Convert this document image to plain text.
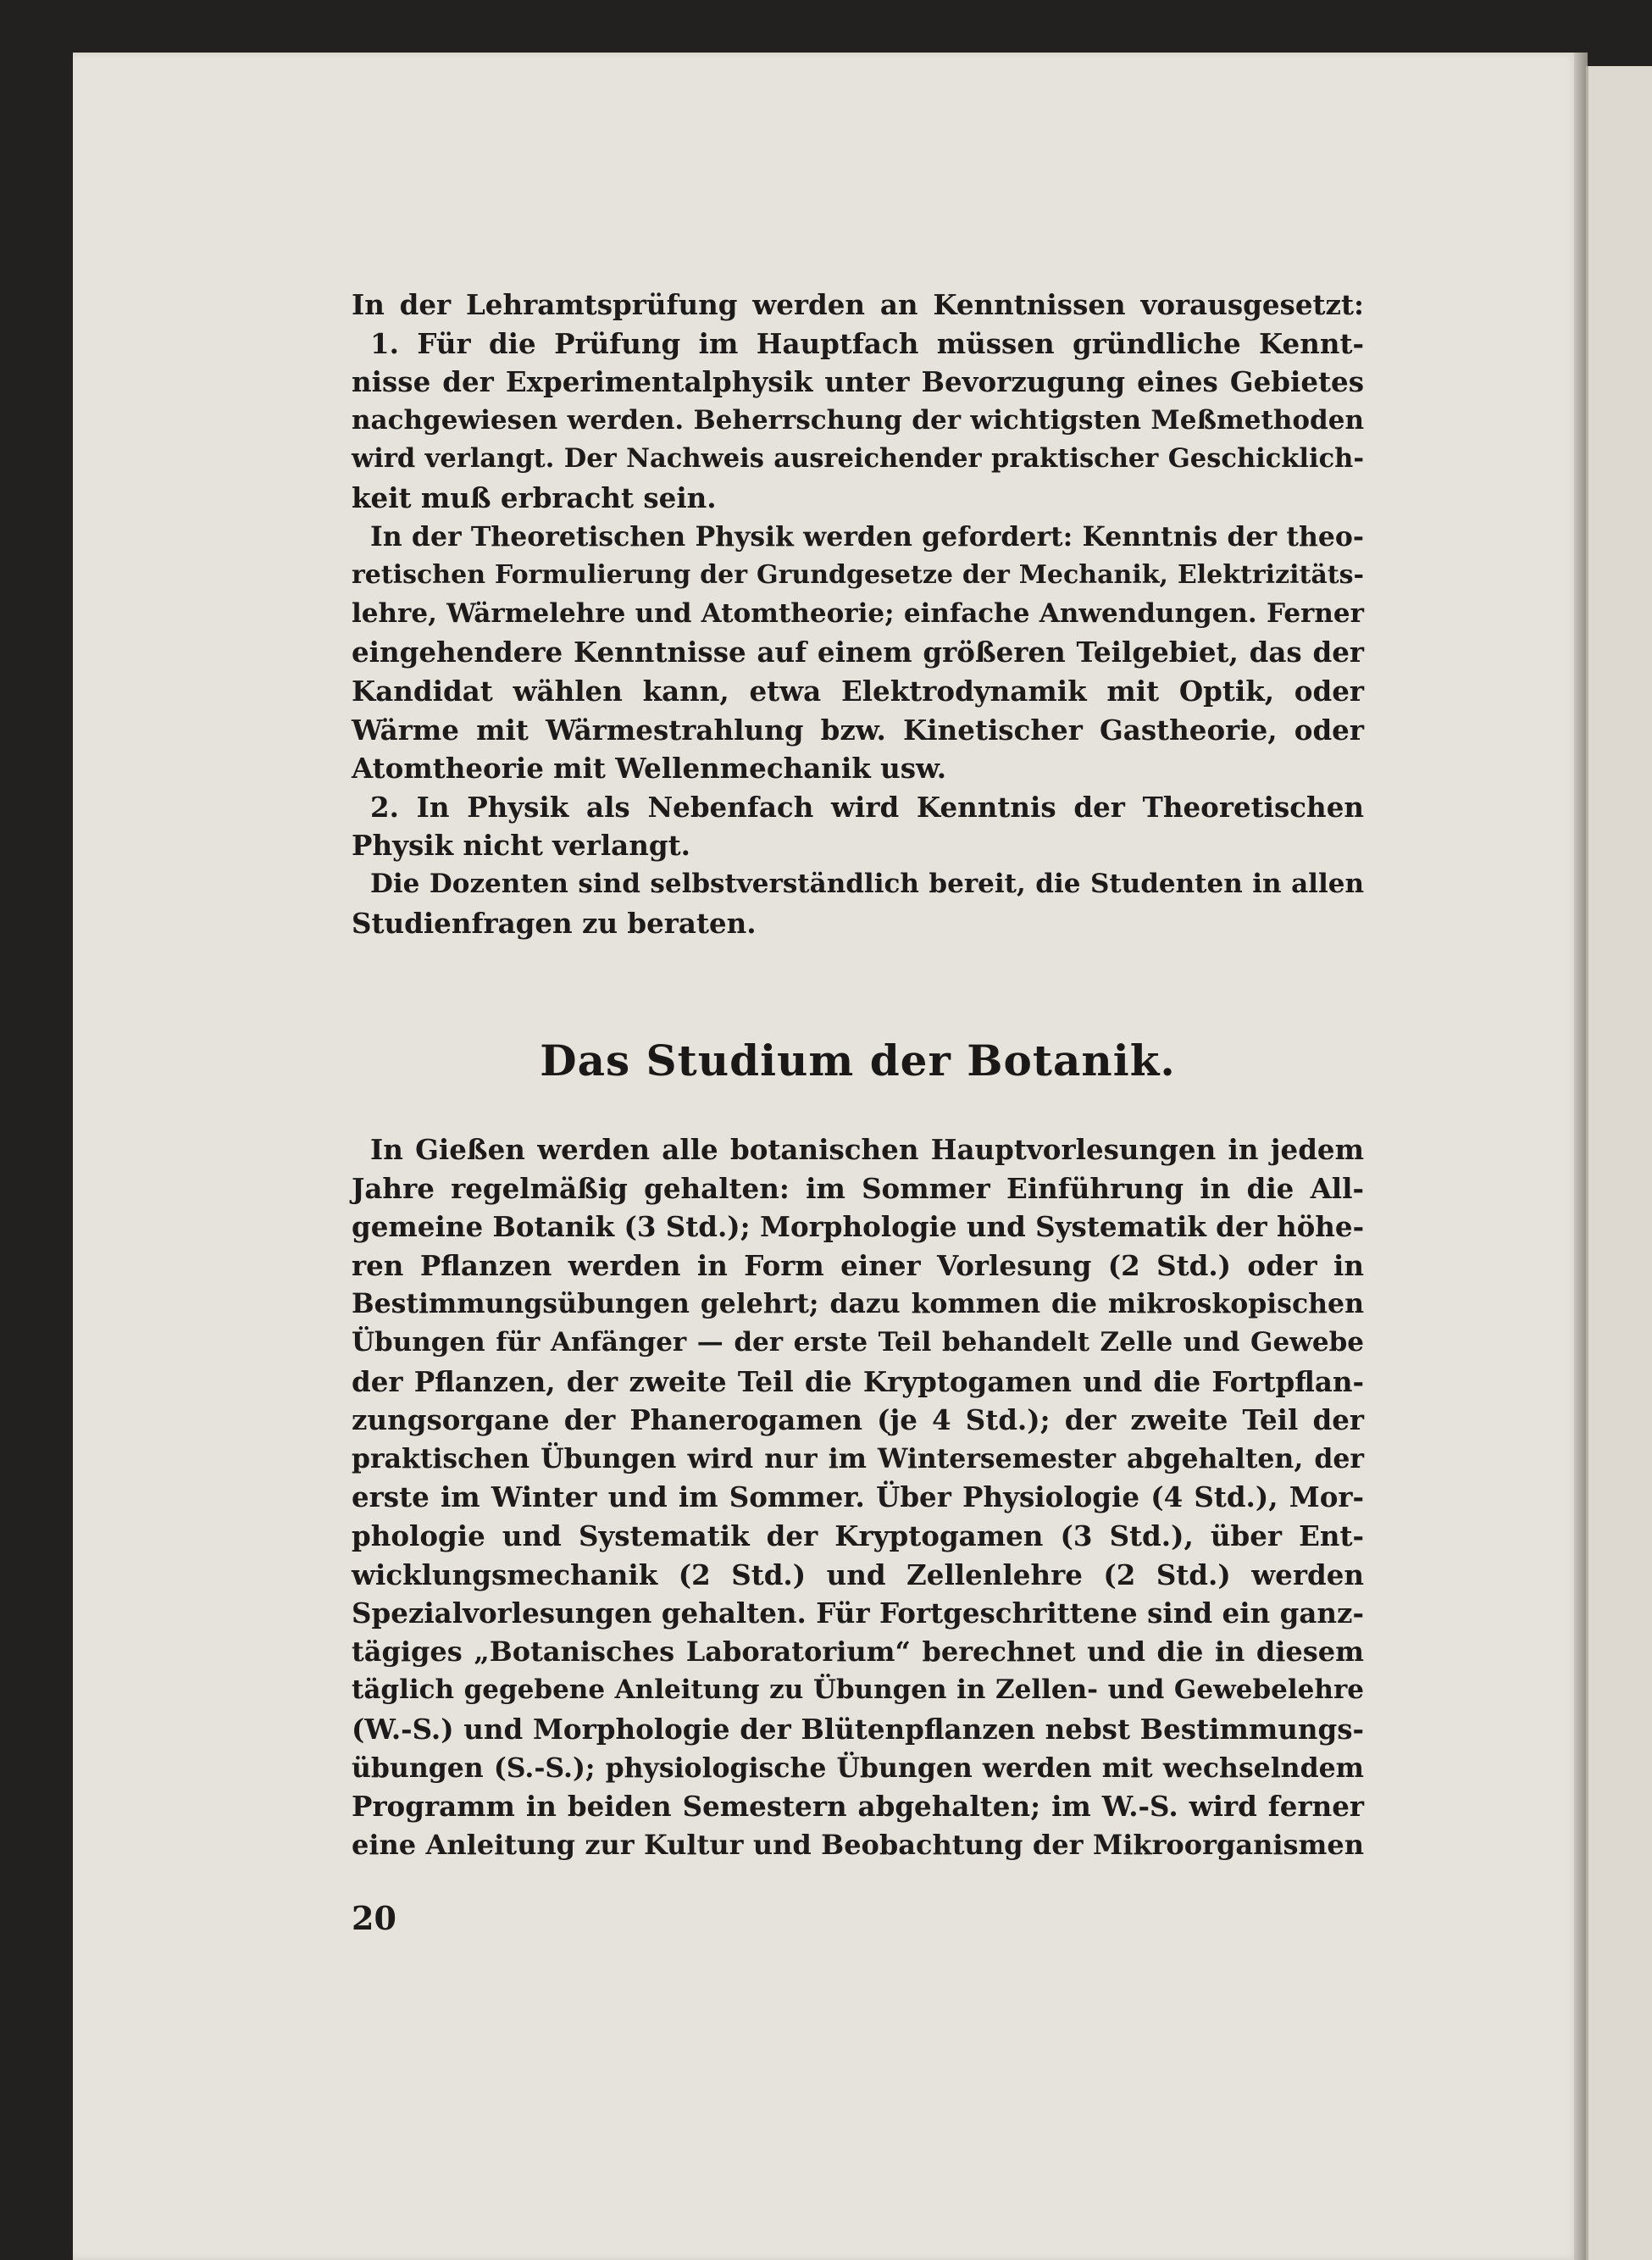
In der Lehramtsprüfung werden an Kenntnissen vorausgesetzt:
1. Für die Prüfung im Hauptfach müssen gründliche Kennt-
nisse der Experimentalphysik unter Bevorzugung eines Gebietes
nachgewiesen werden. Beherrschung der wichtigsten Meßmethoden
wird verlangt. Der Nachweis ausreichender praktischer Geschicklich-
keit muß erbracht sein.
In der Theoretischen Physik werden gefordert: Kenntnis der theo-
retischen Formulierung der Grundgesetze der Mechanik, Elektrizitäts-
lehre, Wärmelehre und Atomtheorie; einfache Anwendungen. Ferner
eingehendere Kenntnisse auf einem größeren Teilgebiet, das der
Kandidat wählen kann, etwa Elektrodynamik mit Optik, oder
Wärme mit Wärmestrahlung bzw. Kinetischer Gastheorie, oder
Atomtheorie mit Wellenmechanik usw.
2. In Physik als Nebenfach wird Kenntnis der Theoretischen
Physik nicht verlangt.
Die Dozenten sind selbstverständlich bereit, die Studenten in allen
Studienfragen zu beraten.
Das Studium der Botanik.
In Gießen werden alle botanischen Hauptvorlesungen in jedem
Jahre regelmäßig gehalten: im Sommer Einführung in die All-
gemeine Botanik (3 Std.); Morphologie und Systematik der höhe-
ren Pflanzen werden in Form einer Vorlesung (2 Std.) oder in
Bestimmungsübungen gelehrt; dazu kommen die mikroskopischen
Übungen für Anfänger — der erste Teil behandelt Zelle und Gewebe
der Pflanzen, der zweite Teil die Kryptogamen und die Fortpflan-
zungsorgane der Phanerogamen (je 4 Std.); der zweite Teil der
praktischen Übungen wird nur im Wintersemester abgehalten, der
erste im Winter und im Sommer. Über Physiologie (4 Std.), Mor-
phologie und Systematik der Kryptogamen (3 Std.), über Ent-
wicklungsmechanik (2 Std.) und Zellenlehre (2 Std.) werden
Spezialvorlesungen gehalten. Für Fortgeschrittene sind ein ganz-
tägiges „Botanisches Laboratorium“ berechnet und die in diesem
täglich gegebene Anleitung zu Übungen in Zellen- und Gewebelehre
(W.-S.) und Morphologie der Blütenpflanzen nebst Bestimmungs-
übungen (S.-S.); physiologische Übungen werden mit wechselndem
Programm in beiden Semestern abgehalten; im W.-S. wird ferner
eine Anleitung zur Kultur und Beobachtung der Mikroorganismen
20
